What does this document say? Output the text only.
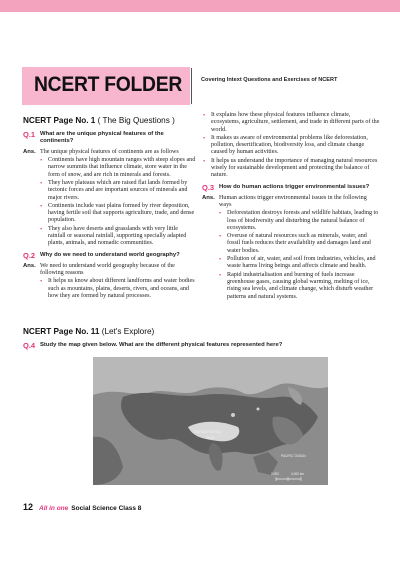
NCERT FOLDER	Covering Intext Questions and Exercises of NCERT
NCERT Page No. 1 ( The Big Questions )
Q.1 What are the unique physical features of the continents?
Ans. The unique physical features of continents are as follows
• Continents have high mountain ranges with steep slopes and narrow summits that influence climate, store water in the form of snow, and are rich in minerals and forests.
• They have plateaus which are raised flat lands formed by tectonic forces and are important sources of minerals and major rivers.
• Continents include vast plains formed by river deposition, having fertile soil that supports agriculture, trade, and dense population.
• They also have deserts and grasslands with very little rainfall or seasonal rainfall, supporting specially adapted plants, animals, and nomadic communities.
Q.2 Why do we need to understand world geography?
Ans. We need to understand world geography because of the following reasons
• It helps us know about different landforms and water bodies such as mountains, plains, deserts, rivers, and oceans, and how they are formed by natural processes.
• It explains how these physical features influence climate, ecosystems, agriculture, settlement, and trade in different parts of the world.
• It makes us aware of environmental problems like deforestation, pollution, desertification, biodiversity loss, and climate change caused by human activities.
• It helps us understand the importance of managing natural resources wisely for sustainable development and protecting the balance of nature.
Q.3 How do human actions trigger environmental issues?
Ans. Human actions trigger environmental issues in the following ways
• Deforestation destroys forests and wildlife habitats, leading to loss of biodiversity and disturbing the natural balance of ecosystems.
• Overuse of natural resources such as minerals, water, and fossil fuels reduces their availability and damages land and water bodies.
• Pollution of air, water, and soil from industries, vehicles, and waste harms living beings and affects climate and health.
• Rapid industrialisation and burning of fuels increase greenhouse gases, causing global warming, melting of ice, rising sea levels, and climate change, which disturb weather patterns and natural systems.
NCERT Page No. 11 (Let's Explore)
Q.4 Study the map given below. What are the different physical features represented here?
INDIA
TIBETAN PLATEAU
PACIFIC OCEAN
2,000	4,000 km
12 All in one Social Science Class 8
